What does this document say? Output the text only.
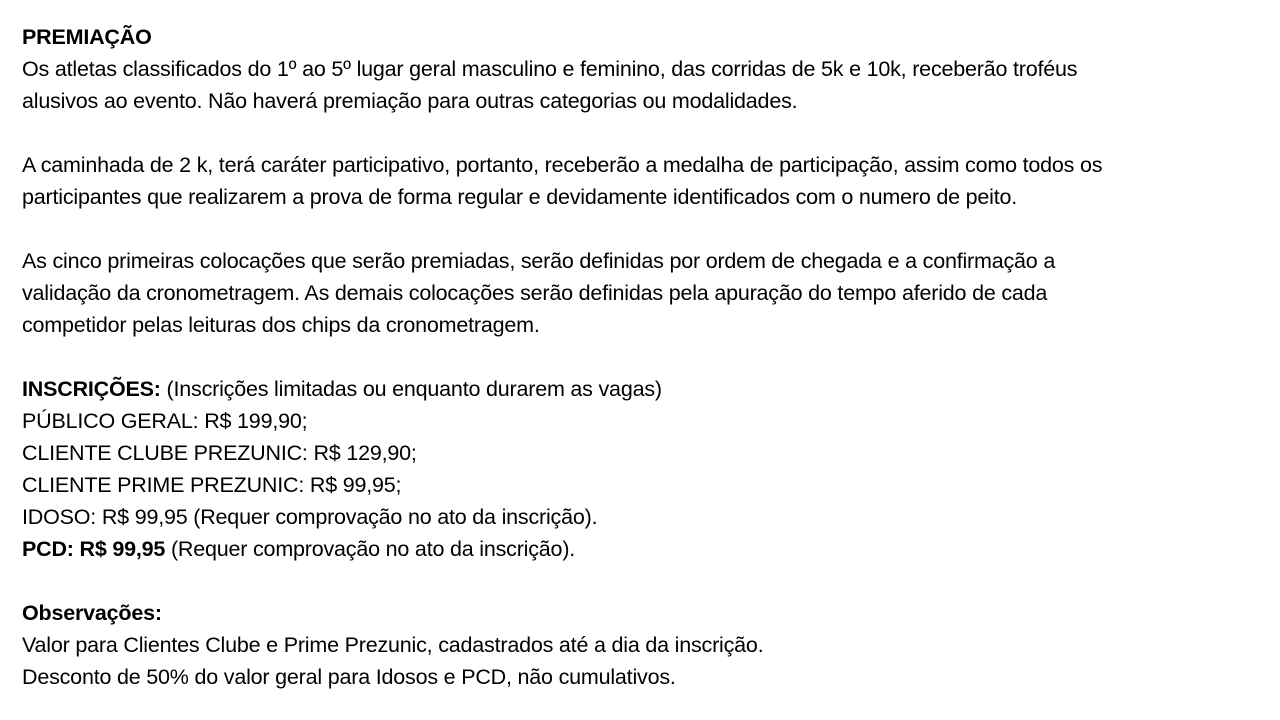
PREMIAÇÃO
Os atletas classificados do 1º ao 5º lugar geral masculino e feminino, das corridas de 5k e 10k, receberão troféus
alusivos ao evento. Não haverá premiação para outras categorias ou modalidades.
A caminhada de 2 k, terá caráter participativo, portanto, receberão a medalha de participação, assim como todos os
participantes que realizarem a prova de forma regular e devidamente identificados com o numero de peito.
As cinco primeiras colocações que serão premiadas, serão definidas por ordem de chegada e a confirmação a
validação da cronometragem. As demais colocações serão definidas pela apuração do tempo aferido de cada
competidor pelas leituras dos chips da cronometragem.
INSCRIÇÕES: (Inscrições limitadas ou enquanto durarem as vagas)
PÚBLICO GERAL: R$ 199,90;
CLIENTE CLUBE PREZUNIC: R$ 129,90;
CLIENTE PRIME PREZUNIC: R$ 99,95;
IDOSO: R$ 99,95 (Requer comprovação no ato da inscrição).
PCD: R$ 99,95 (Requer comprovação no ato da inscrição).
Observações:
Valor para Clientes Clube e Prime Prezunic, cadastrados até a dia da inscrição.
Desconto de 50% do valor geral para Idosos e PCD, não cumulativos.
